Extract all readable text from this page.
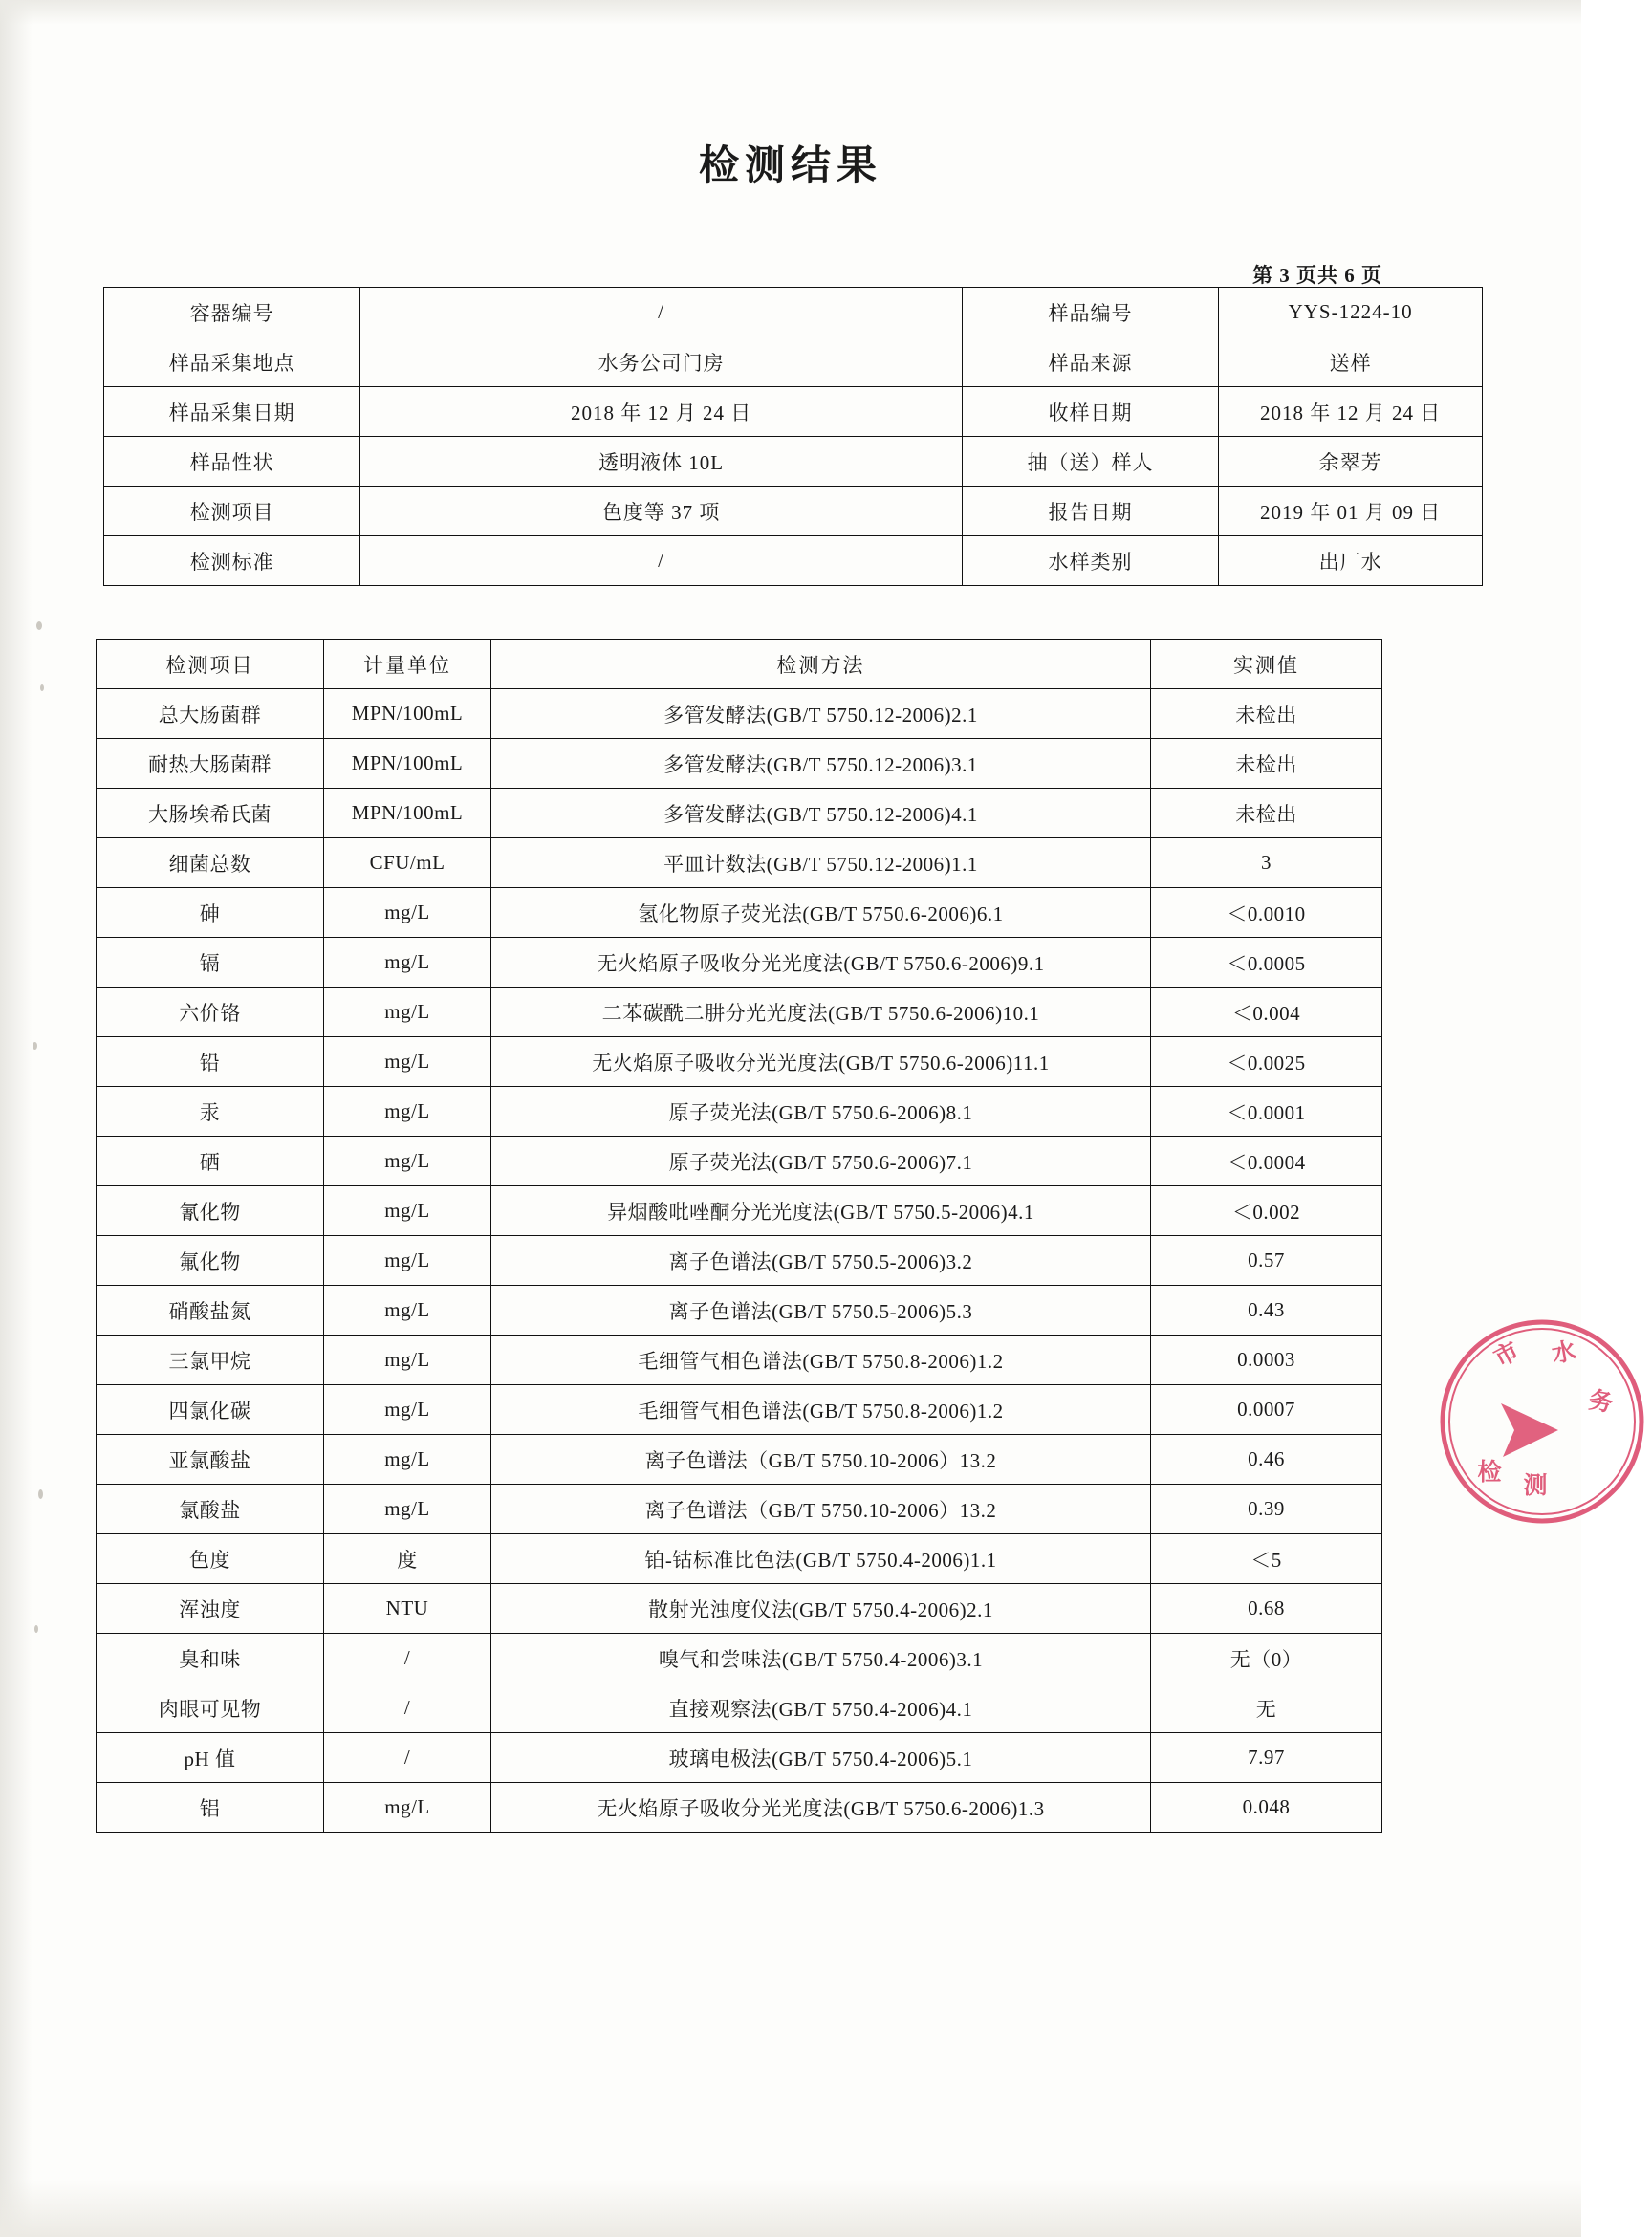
检测结果
第 3 页共 6 页
容器编号	/	样品编号	YYS-1224-10
样品采集地点	水务公司门房	样品来源	送样
样品采集日期	2018 年 12 月 24 日	收样日期	2018 年 12 月 24 日
样品性状	透明液体 10L	抽（送）样人	余翠芳
检测项目	色度等 37 项	报告日期	2019 年 01 月 09 日
检测标准	/	水样类别	出厂水
检测项目	计量单位	检测方法	实测值
总大肠菌群	MPN/100mL	多管发酵法(GB/T 5750.12-2006)2.1	未检出
耐热大肠菌群	MPN/100mL	多管发酵法(GB/T 5750.12-2006)3.1	未检出
大肠埃希氏菌	MPN/100mL	多管发酵法(GB/T 5750.12-2006)4.1	未检出
细菌总数	CFU/mL	平皿计数法(GB/T 5750.12-2006)1.1	3
砷	mg/L	氢化物原子荧光法(GB/T 5750.6-2006)6.1	＜0.0010
镉	mg/L	无火焰原子吸收分光光度法(GB/T 5750.6-2006)9.1	＜0.0005
六价铬	mg/L	二苯碳酰二肼分光光度法(GB/T 5750.6-2006)10.1	＜0.004
铅	mg/L	无火焰原子吸收分光光度法(GB/T 5750.6-2006)11.1	＜0.0025
汞	mg/L	原子荧光法(GB/T 5750.6-2006)8.1	＜0.0001
硒	mg/L	原子荧光法(GB/T 5750.6-2006)7.1	＜0.0004
氰化物	mg/L	异烟酸吡唑酮分光光度法(GB/T 5750.5-2006)4.1	＜0.002
氟化物	mg/L	离子色谱法(GB/T 5750.5-2006)3.2	0.57
硝酸盐氮	mg/L	离子色谱法(GB/T 5750.5-2006)5.3	0.43
三氯甲烷	mg/L	毛细管气相色谱法(GB/T 5750.8-2006)1.2	0.0003
四氯化碳	mg/L	毛细管气相色谱法(GB/T 5750.8-2006)1.2	0.0007
亚氯酸盐	mg/L	离子色谱法（GB/T 5750.10-2006）13.2	0.46
氯酸盐	mg/L	离子色谱法（GB/T 5750.10-2006）13.2	0.39
色度	度	铂-钴标准比色法(GB/T 5750.4-2006)1.1	＜5
浑浊度	NTU	散射光浊度仪法(GB/T 5750.4-2006)2.1	0.68
臭和味	/	嗅气和尝味法(GB/T 5750.4-2006)3.1	无（0）
肉眼可见物	/	直接观察法(GB/T 5750.4-2006)4.1	无
pH 值	/	玻璃电极法(GB/T 5750.4-2006)5.1	7.97
铝	mg/L	无火焰原子吸收分光光度法(GB/T 5750.6-2006)1.3	0.048
市 水
务
检 测
